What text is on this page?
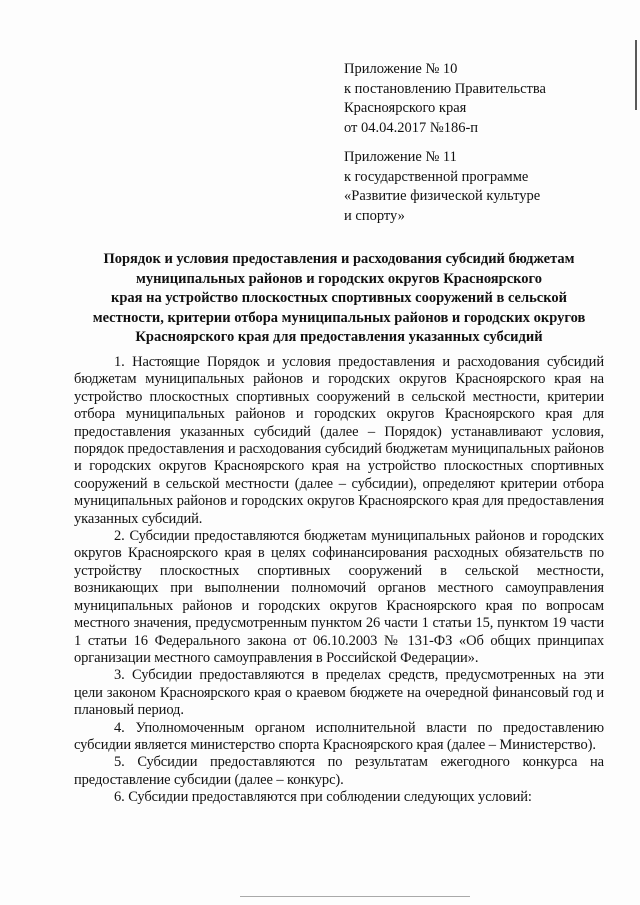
Приложение № 10
к постановлению Правительства
Красноярского края
от 04.04.2017 №186-п
Приложение № 11
к государственной программе
«Развитие физической культуре
и спорту»
Порядок и условия предоставления и расходования субсидий бюджетам
муниципальных районов и городских округов Красноярского
края на устройство плоскостных спортивных сооружений в сельской
местности, критерии отбора муниципальных районов и городских округов
Красноярского края для предоставления указанных субсидий

1. Настоящие Порядок и условия предоставления и расходования субсидий бюджетам муниципальных районов и городских округов Красноярского края на устройство плоскостных спортивных сооружений в сельской местности, критерии отбора муниципальных районов и городских округов Красноярского края для предоставления указанных субсидий (далее – Порядок) устанавливают условия, порядок предоставления и расходования субсидий бюджетам муниципальных районов и городских округов Красноярского края на устройство плоскостных спортивных сооружений в сельской местности (далее – субсидии), определяют критерии отбора муниципальных районов и городских округов Красноярского края для предоставления указанных субсидий.

2. Субсидии предоставляются бюджетам муниципальных районов и городских округов Красноярского края в целях софинансирования расходных обязательств по устройству плоскостных спортивных сооружений в сельской местности, возникающих при выполнении полномочий органов местного самоуправления муниципальных районов и городских округов Красноярского края по вопросам местного значения, предусмотренным пунктом 26 части 1 статьи 15, пунктом 19 части 1 статьи 16 Федерального закона от 06.10.2003 № 131-ФЗ «Об общих принципах организации местного самоуправления в Российской Федерации».

3. Субсидии предоставляются в пределах средств, предусмотренных на эти цели законом Красноярского края о краевом бюджете на очередной финансовый год и плановый период.

4. Уполномоченным органом исполнительной власти по предоставлению субсидии является министерство спорта Красноярского края (далее – Министерство).

5. Субсидии предоставляются по результатам ежегодного конкурса на предоставление субсидии (далее – конкурс).

6. Субсидии предоставляются при соблюдении следующих условий:
